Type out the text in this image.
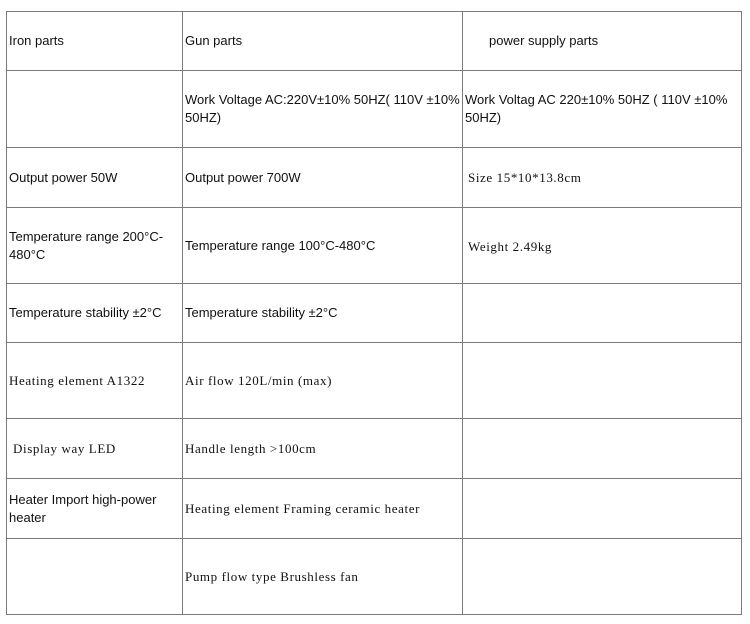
Iron parts	Gun parts	power supply parts
	Work Voltage AC:220V±10% 50HZ( 110V ±10% 50HZ)	Work Voltag AC 220±10% 50HZ ( 110V ±10% 50HZ)
Output power 50W	Output power 700W	Size 15*10*13.8cm
Temperature range 200°C-480°C	Temperature range 100°C-480°C	Weight 2.49kg
Temperature stability ±2°C	Temperature stability ±2°C	
Heating element A1322	Air flow 120L/min (max)	
Display way LED	Handle length >100cm	
Heater Import high-power heater	Heating element Framing ceramic heater	
	Pump flow type Brushless fan	
